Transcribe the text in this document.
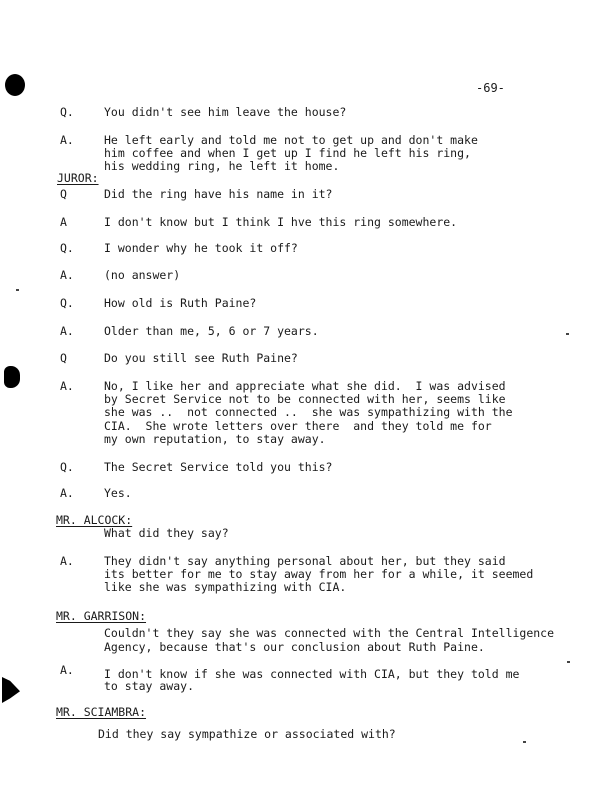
-69-
Q.	You didn't see him leave the house?
A.	He left early and told me not to get up and don't make
him coffee and when I get up I find he left his ring,
his wedding ring, he left it home.
JUROR:
Q	Did the ring have his name in it?
A	I don't know but I think I hve this ring somewhere.
Q.	I wonder why he took it off?
A.	(no answer)
Q.	How old is Ruth Paine?
A.	Older than me, 5, 6 or 7 years.
Q	Do you still see Ruth Paine?
A.	No, I like her and appreciate what she did.  I was advised
by Secret Service not to be connected with her, seems like
she was ..  not connected ..  she was sympathizing with the
CIA.  She wrote letters over there  and they told me for
my own reputation, to stay away.
Q.	The Secret Service told you this?
A.	Yes.
MR. ALCOCK:
What did they say?
A.	They didn't say anything personal about her, but they said
its better for me to stay away from her for a while, it seemed
like she was sympathizing with CIA.
MR. GARRISON:
Couldn't they say she was connected with the Central Intelligence
Agency, because that's our conclusion about Ruth Paine.
A.	I don't know if she was connected with CIA, but they told me
to stay away.
MR. SCIAMBRA:
Did they say sympathize or associated with?
